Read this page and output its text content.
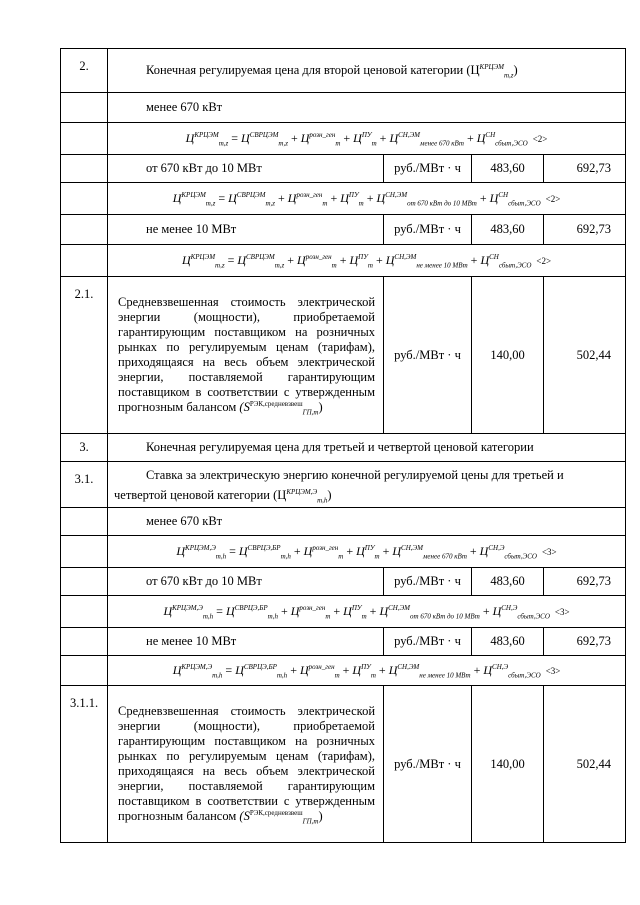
2.	Конечная регулируемая цена для второй ценовой категории $(Ц^{КРЦЭМ}_{m,z})$			
	менее 670 кВт			
	$Ц^{КРЦЭМ}_{m,z} = Ц^{СВРЦЭМ}_{m,z} + Ц^{розн\_ген}_m + Ц^{ПУ}_m + Ц^{СН,ЭМ}_{менее 670 кВт} + Ц^{СН}_{сбыт,ЭСО} <2>$			
	от 670 кВт до 10 МВт	руб./МВт · ч	483,60	692,73
	$Ц^{КРЦЭМ}_{m,z} = Ц^{СВРЦЭМ}_{m,z} + Ц^{розн\_ген}_m + Ц^{ПУ}_m + Ц^{СН,ЭМ}_{от 670 кВт до 10 МВт} + Ц^{СН}_{сбыт,ЭСО} <2>$			
	не менее 10 МВт	руб./МВт · ч	483,60	692,73
	$Ц^{КРЦЭМ}_{m,z} = Ц^{СВРЦЭМ}_{m,z} + Ц^{розн\_ген}_m + Ц^{ПУ}_m + Ц^{СН,ЭМ}_{не менее 10 МВт} + Ц^{СН}_{сбыт,ЭСО} <2>$			
2.1.	Средневзвешенная стоимость электрической энергии (мощности), приобретаемой гарантирующим поставщиком на розничных рынках по регулируемым ценам (тарифам), приходящаяся на весь объем электрической энергии, поставляемой гарантирующим поставщиком в соответствии с утвержденным прогнозным балансом $(S^{РЭК,средневзвеш}_{ГП,m})$	руб./МВт · ч	140,00	502,44
3.	Конечная регулируемая цена для третьей и четвертой ценовой категории			
3.1.	Ставка за электрическую энергию конечной регулируемой цены для третьей и четвертой ценовой категории $(Ц^{КРЦЭМ,Э}_{m,h})$			
	менее 670 кВт			
	$Ц^{КРЦЭМ,Э}_{m,h} = Ц^{СВРЦЭ,БР}_{m,h} + Ц^{розн\_ген}_m + Ц^{ПУ}_m + Ц^{СН,ЭМ}_{менее 670 кВт} + Ц^{СН,Э}_{сбыт,ЭСО} <3>$			
	от 670 кВт до 10 МВт	руб./МВт · ч	483,60	692,73
	$Ц^{КРЦЭМ,Э}_{m,h} = Ц^{СВРЦЭ,БР}_{m,h} + Ц^{розн\_ген}_m + Ц^{ПУ}_m + Ц^{СН,ЭМ}_{от 670 кВт до 10 МВт} + Ц^{СН,Э}_{сбыт,ЭСО} <3>$			
	не менее 10 МВт	руб./МВт · ч	483,60	692,73
	$Ц^{КРЦЭМ,Э}_{m,h} = Ц^{СВРЦЭ,БР}_{m,h} + Ц^{розн\_ген}_m + Ц^{ПУ}_m + Ц^{СН,ЭМ}_{не менее 10 МВт} + Ц^{СН,Э}_{сбыт,ЭСО} <3>$			
3.1.1.	Средневзвешенная стоимость электрической энергии (мощности), приобретаемой гарантирующим поставщиком на розничных рынках по регулируемым ценам (тарифам), приходящаяся на весь объем электрической энергии, поставляемой гарантирующим поставщиком в соответствии с утвержденным прогнозным балансом $(S^{РЭК,средневзвеш}_{ГП,m})$	руб./МВт · ч	140,00	502,44
